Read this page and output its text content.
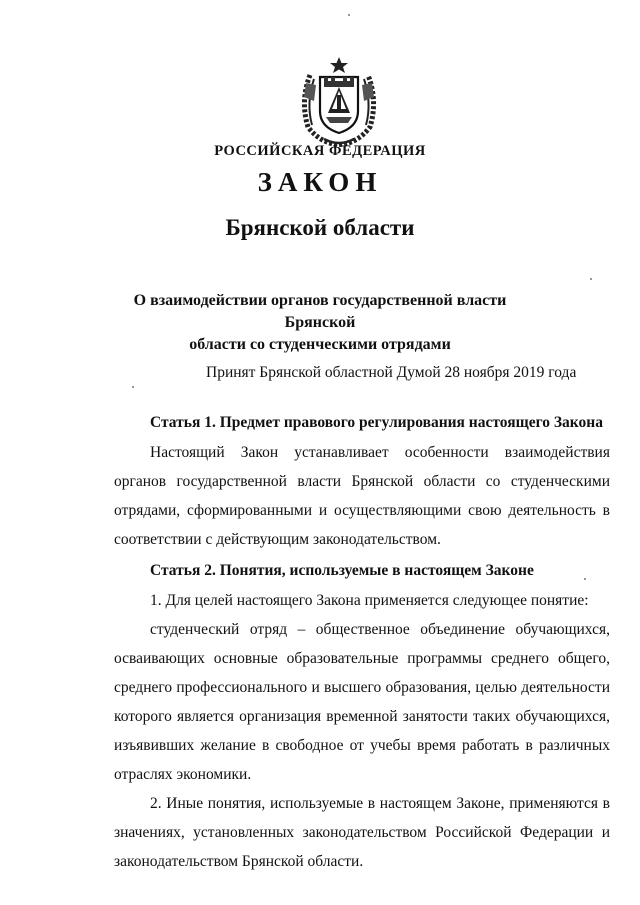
РОССИЙСКАЯ ФЕДЕРАЦИЯ
ЗАКОН
Брянской области
О взаимодействии органов государственной власти Брянской
области со студенческими отрядами
Принят Брянской областной Думой 28 ноября 2019 года

Статья 1. Предмет правового регулирования настоящего Закона

Настоящий Закон устанавливает особенности взаимодействия органов государственной власти Брянской области со студенческими отрядами, сформированными и осуществляющими свою деятельность в соответствии с действующим законодательством.

Статья 2. Понятия, используемые в настоящем Законе

1. Для целей настоящего Закона применяется следующее понятие:

студенческий отряд – общественное объединение обучающихся, осваивающих основные образовательные программы среднего общего, среднего профессионального и высшего образования, целью деятельности которого является организация временной занятости таких обучающихся, изъявивших желание в свободное от учебы время работать в различных отраслях экономики.

2. Иные понятия, используемые в настоящем Законе, применяются в значениях, установленных законодательством Российской Федерации и законодательством Брянской области.
